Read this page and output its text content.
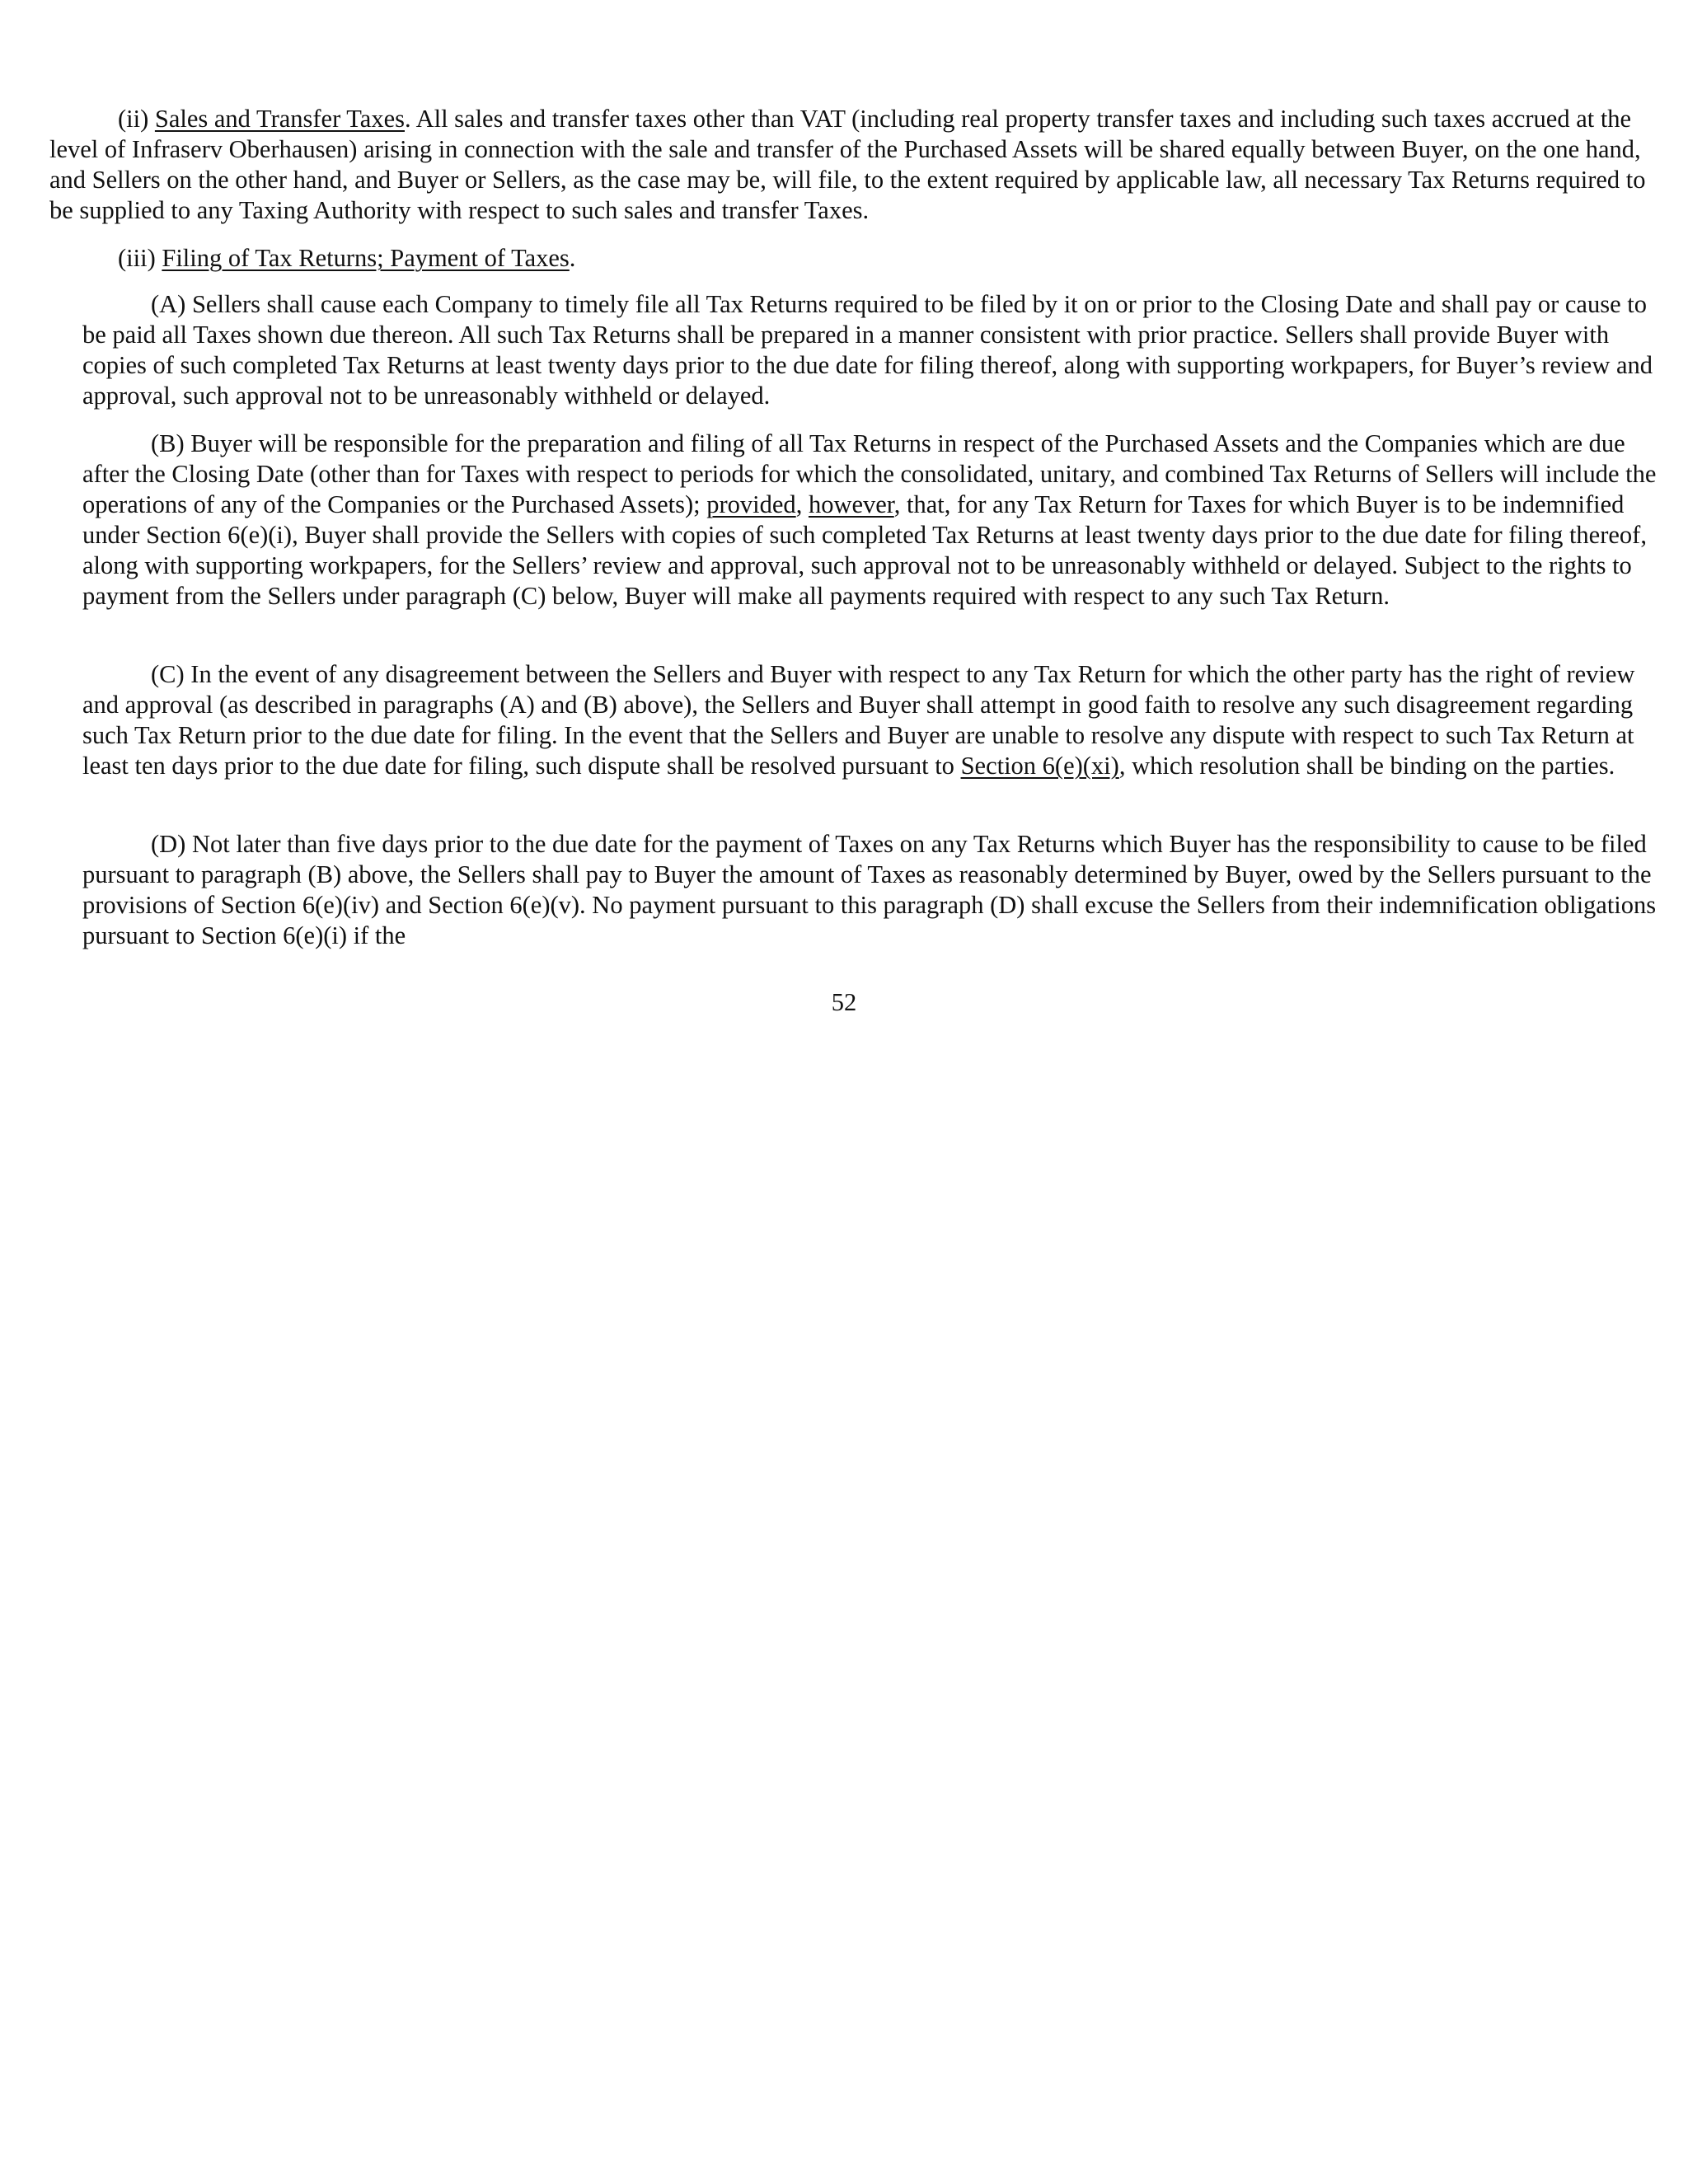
(ii) Sales and Transfer Taxes. All sales and transfer taxes other than VAT (including real property transfer taxes and including such taxes accrued at the level of Infraserv Oberhausen) arising in connection with the sale and transfer of the Purchased Assets will be shared equally between Buyer, on the one hand, and Sellers on the other hand, and Buyer or Sellers, as the case may be, will file, to the extent required by applicable law, all necessary Tax Returns required to be supplied to any Taxing Authority with respect to such sales and transfer Taxes.

(iii) Filing of Tax Returns; Payment of Taxes.

(A) Sellers shall cause each Company to timely file all Tax Returns required to be filed by it on or prior to the Closing Date and shall pay or cause to be paid all Taxes shown due thereon. All such Tax Returns shall be prepared in a manner consistent with prior practice. Sellers shall provide Buyer with copies of such completed Tax Returns at least twenty days prior to the due date for filing thereof, along with supporting workpapers, for Buyer’s review and approval, such approval not to be unreasonably withheld or delayed.

(B) Buyer will be responsible for the preparation and filing of all Tax Returns in respect of the Purchased Assets and the Companies which are due after the Closing Date (other than for Taxes with respect to periods for which the consolidated, unitary, and combined Tax Returns of Sellers will include the operations of any of the Companies or the Purchased Assets); provided, however, that, for any Tax Return for Taxes for which Buyer is to be indemnified under Section 6(e)(i), Buyer shall provide the Sellers with copies of such completed Tax Returns at least twenty days prior to the due date for filing thereof, along with supporting workpapers, for the Sellers’ review and approval, such approval not to be unreasonably withheld or delayed. Subject to the rights to payment from the Sellers under paragraph (C) below, Buyer will make all payments required with respect to any such Tax Return.

(C) In the event of any disagreement between the Sellers and Buyer with respect to any Tax Return for which the other party has the right of review and approval (as described in paragraphs (A) and (B) above), the Sellers and Buyer shall attempt in good faith to resolve any such disagreement regarding such Tax Return prior to the due date for filing. In the event that the Sellers and Buyer are unable to resolve any dispute with respect to such Tax Return at least ten days prior to the due date for filing, such dispute shall be resolved pursuant to Section 6(e)(xi), which resolution shall be binding on the parties.

(D) Not later than five days prior to the due date for the payment of Taxes on any Tax Returns which Buyer has the responsibility to cause to be filed pursuant to paragraph (B) above, the Sellers shall pay to Buyer the amount of Taxes as reasonably determined by Buyer, owed by the Sellers pursuant to the provisions of Section 6(e)(iv) and Section 6(e)(v). No payment pursuant to this paragraph (D) shall excuse the Sellers from their indemnification obligations pursuant to Section 6(e)(i) if the

52
